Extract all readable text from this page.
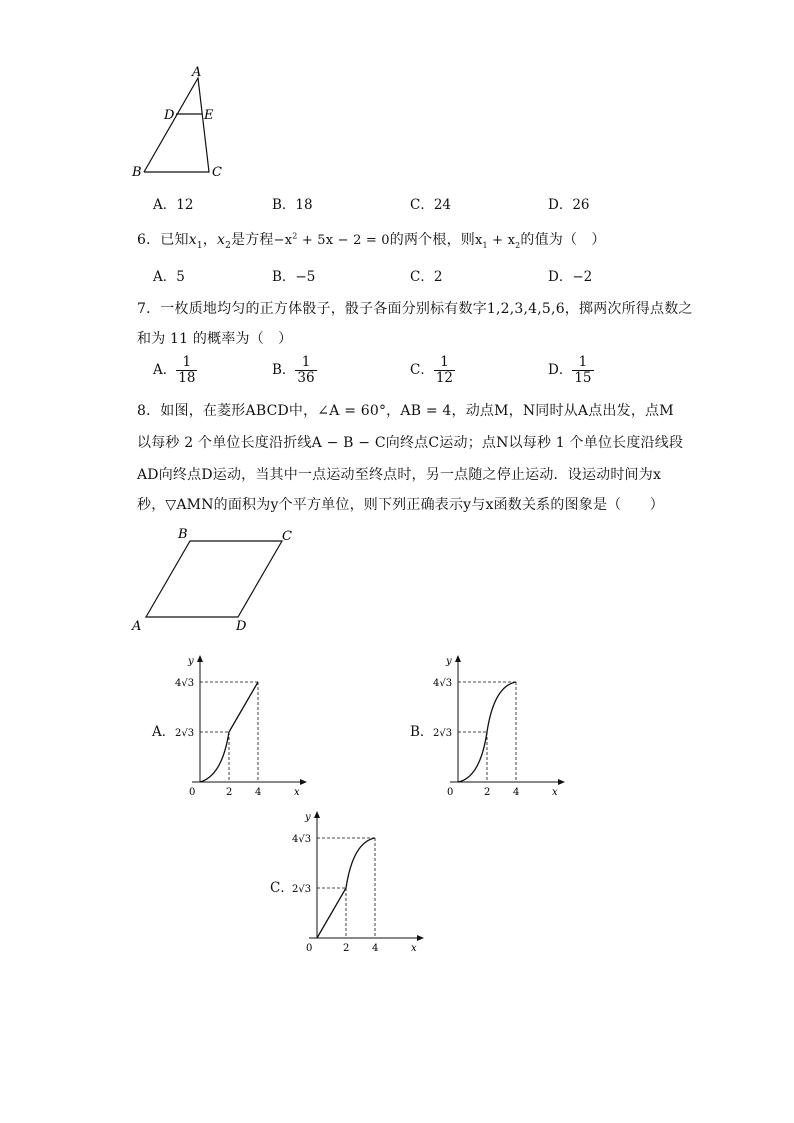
A
D E
B	C
A．12	B．18	C．24	D．26
6．已知$x_1$，$x_2$是方程$-x^2 + 5x - 2 = 0$的两个根，则$x_1 + x_2$的值为（　）
A．5	B．−5	C．2	D．−2
7．一枚质地均匀的正方体骰子，骰子各面分别标有数字1,2,3,4,5,6，掷两次所得点数之
和为 11 的概率为（　）
A． $\frac{1}{18}$	B． $\frac{1}{36}$	C． $\frac{1}{12}$	D． $\frac{1}{15}$
8．如图，在菱形ABCD中，∠A = 60°，AB = 4，动点M，N同时从A点出发，点M
以每秒 2 个单位长度沿折线A − B − C向终点C运动；点N以每秒 1 个单位长度沿线段
AD向终点D运动，当其中一点运动至终点时，另一点随之停止运动．设运动时间为x
秒，▽AMN的面积为y个平方单位，则下列正确表示y与x函数关系的图象是（　　）
B	C
A	D
A．
y
x
0	2 4
4√3
2√3	B．
y
x
0	2 4
4√3
2√3
C．
y
x
0	2 4
4√3
2√3
